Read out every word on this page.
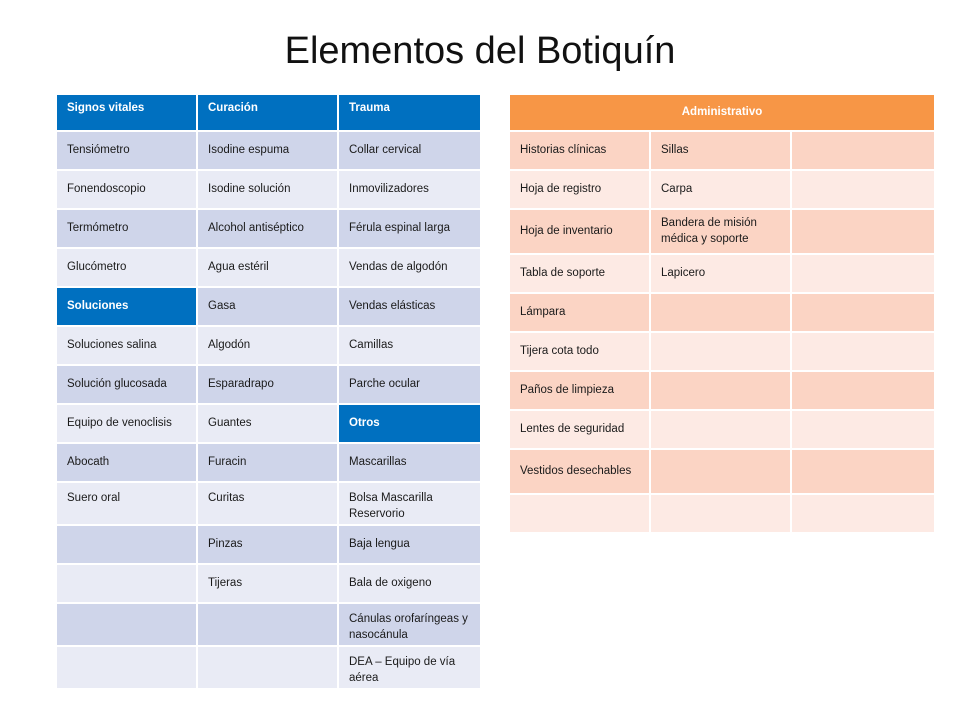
Elementos del Botiquín
Signos vitales	Curación	Trauma
Tensiómetro	Isodine espuma	Collar cervical
Fonendoscopio	Isodine solución	Inmovilizadores
Termómetro	Alcohol antiséptico	Férula espinal larga
Glucómetro	Agua estéril	Vendas de algodón
Soluciones	Gasa	Vendas elásticas
Soluciones salina	Algodón	Camillas
Solución glucosada	Esparadrapo	Parche ocular
Equipo de venoclisis	Guantes	Otros
Abocath	Furacin	Mascarillas
Suero oral	Curitas	Bolsa Mascarilla Reservorio
	Pinzas	Baja lengua
	Tijeras	Bala de oxigeno
		Cánulas orofaríngeas y nasocánula
		DEA – Equipo de vía aérea
Administrativo		
Historias clínicas	Sillas	
Hoja de registro	Carpa	
Hoja de inventario	Bandera de misión médica y soporte	
Tabla de soporte	Lapicero	
Lámpara		
Tijera cota todo		
Paños de limpieza		
Lentes de seguridad		
Vestidos desechables		
